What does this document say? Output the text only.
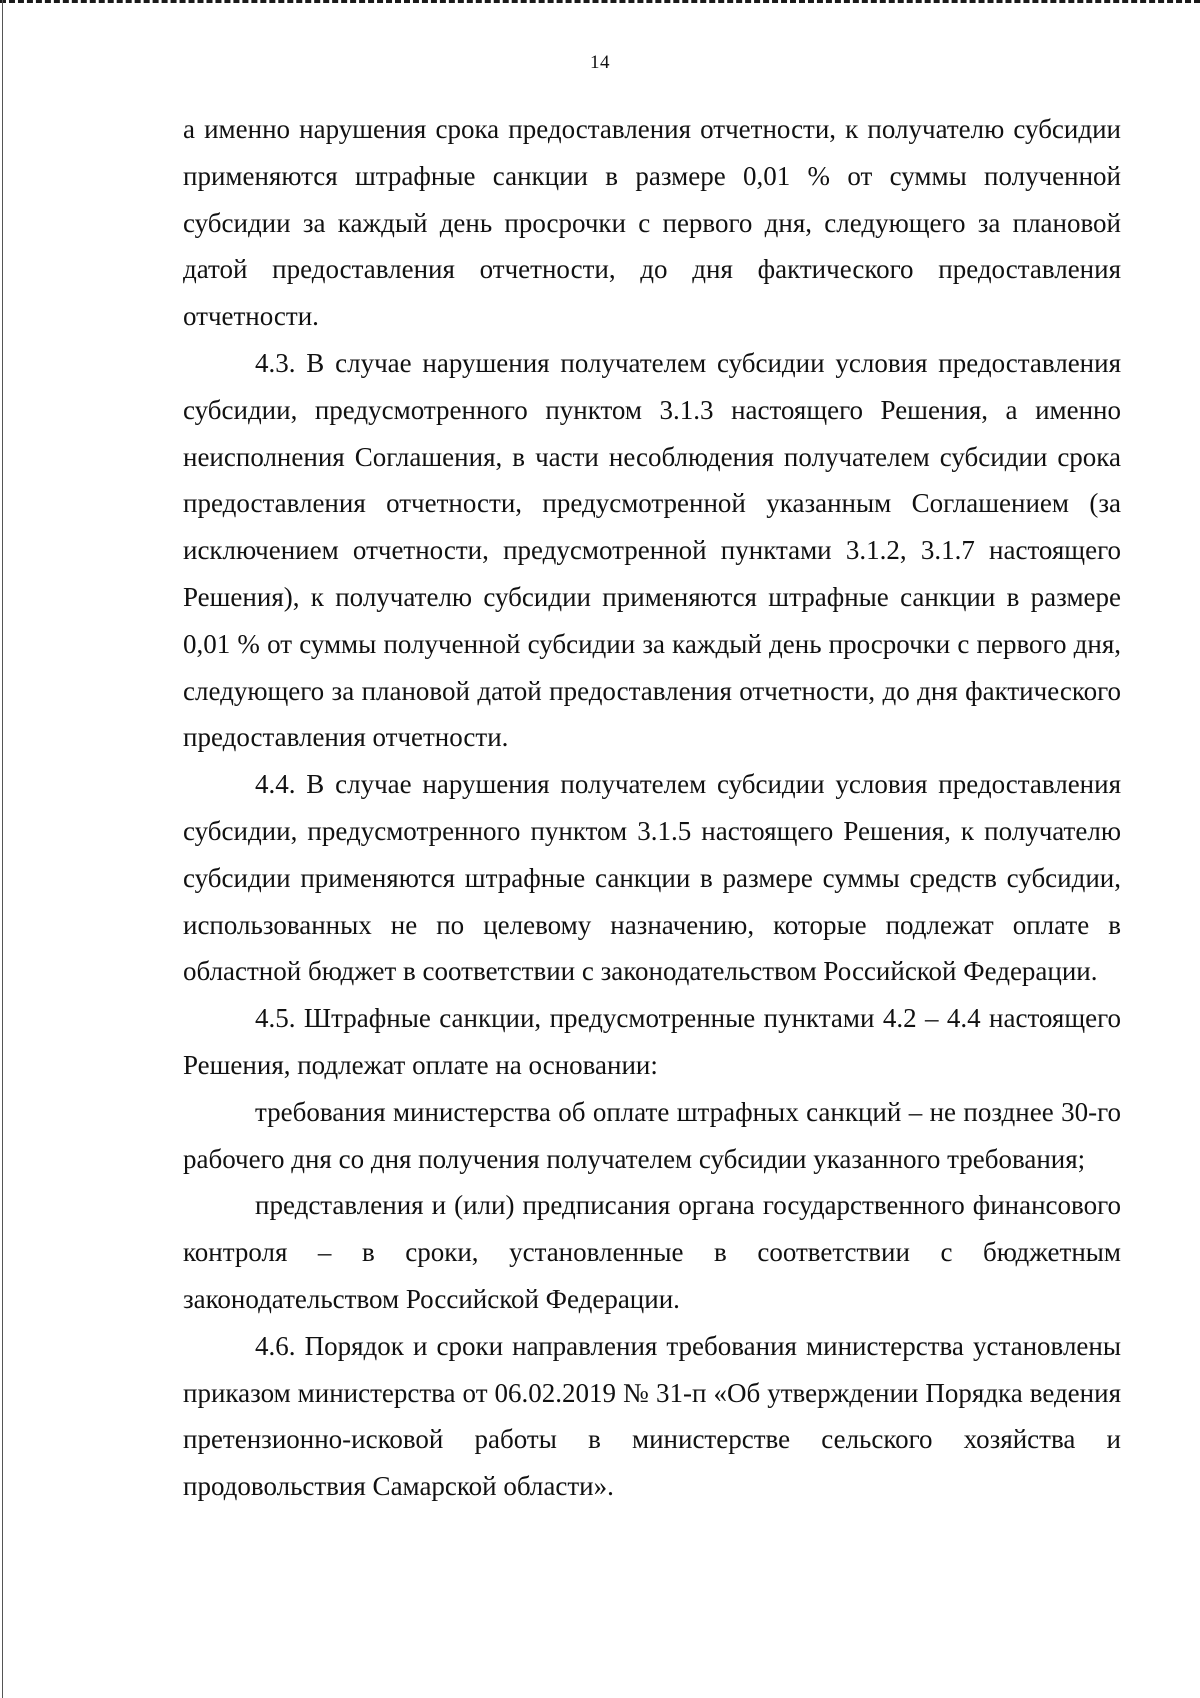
14

а именно нарушения срока предоставления отчетности, к получателю субсидии применяются штрафные санкции в размере 0,01 % от суммы полученной субсидии за каждый день просрочки с первого дня, следующего за плановой датой предоставления отчетности, до дня фактического предоставления отчетности.

4.3. В случае нарушения получателем субсидии условия предоставления субсидии, предусмотренного пунктом 3.1.3 настоящего Решения, а именно неисполнения Соглашения, в части несоблюдения получателем субсидии срока предоставления отчетности, предусмотренной указанным Соглашением (за исключением отчетности, предусмотренной пунктами 3.1.2, 3.1.7 настоящего Решения), к получателю субсидии применяются штрафные санкции в размере 0,01 % от суммы полученной субсидии за каждый день просрочки с первого дня, следующего за плановой датой предоставления отчетности, до дня фактического предоставления отчетности.

4.4. В случае нарушения получателем субсидии условия предоставления субсидии, предусмотренного пунктом 3.1.5 настоящего Решения, к получателю субсидии применяются штрафные санкции в размере суммы средств субсидии, использованных не по целевому назначению, которые подлежат оплате в областной бюджет в соответствии с законодательством Российской Федерации.

4.5. Штрафные санкции, предусмотренные пунктами 4.2 – 4.4 настоящего Решения, подлежат оплате на основании:

требования министерства об оплате штрафных санкций – не позднее 30-го рабочего дня со дня получения получателем субсидии указанного требования;

представления и (или) предписания органа государственного финансового контроля – в сроки, установленные в соответствии с бюджетным законодательством Российской Федерации.

4.6. Порядок и сроки направления требования министерства установлены приказом министерства от 06.02.2019 № 31-п «Об утверждении Порядка ведения претензионно-исковой работы в министерстве сельского хозяйства и продовольствия Самарской области».
